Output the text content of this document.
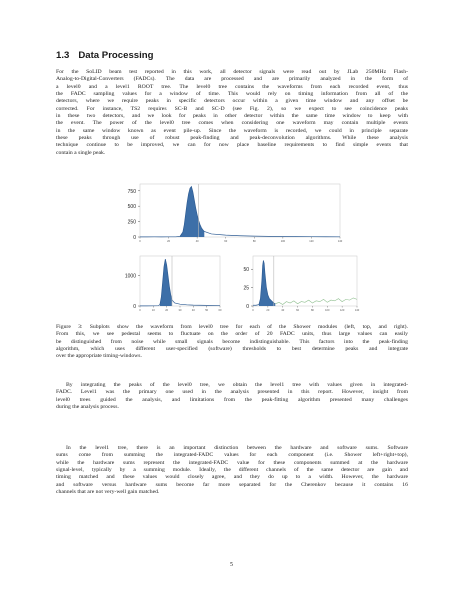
1.3 Data Processing
For the SoLID beam test reported in this work, all detector signals were read out by JLab 250MHz Flash-
Analog-to-Digital-Converters (FADCs). The data are processed and are primarily analyzed in the form of
a level0 and a level1 ROOT tree. The level0 tree contains the waveforms from each recorded event, thus
the FADC sampling values for a window of time. This would rely on timing information from all of the
detectors, where we require peaks in specific detectors occur within a given time window and any offset be
corrected. For instance, TS2 requires SC-B and SC-D (see Fig. 2), so we expect to see coincidence peaks
in these two detectors, and we look for peaks in other detector within the same time window to keep with
the event. The power of the level0 tree comes when considering one waveform may contain multiple events
in the same window known as event pile-up. Since the waveform is recorded, we could in principle separate
these peaks through use of robust peak-finding and peak-deconvolution algorithms. While these analysis
technique continue to be improved, we can for now place baseline requirements to find simple events that
contain a single peak.
750
500
250
0
0	20	40	60	80	100	120	140
1000
0
0	10	20	30	40	50	60
50
25
0
0	20	40	60	80	100	120	140
Figure 3: Subplots show the waveform from level0 tree for each of the Shower modules (left, top, and right).
From this, we see pedestal seems to fluctuate on the order of 20 FADC units, thus large values can easily
be distinguished from noise while small signals become indistinguishable. This factors into the peak-finding
algorithm, which uses different user-specified (software) thresholds to best determine peaks and integrate
over the appropriate timing-windows.
By integrating the peaks of the level0 tree, we obtain the level1 tree with values given in integrated-
FADC. Level1 was the primary one used in the analysis presented in this report. However, insight from
level0 trees guided the analysis, and limitations from the peak-fitting algorithm presented many challenges
during the analysis process.
In the level1 tree, there is an important distinction between the hardware and software sums. Software
sums come from summing the integrated-FADC values for each component (i.e. Shower left+right+top),
while the hardware sums represent the integrated-FADC value for these components summed at the hardware
signal-level, typically by a summing module. Ideally, the different channels of the same detector are gain and
timing matched and these values would closely agree, and they do up to a width. However, the hardware
and software versus hardware sums become far more separated for the Cherenkov because it contains 16
channels that are not very-well gain matched.
5
